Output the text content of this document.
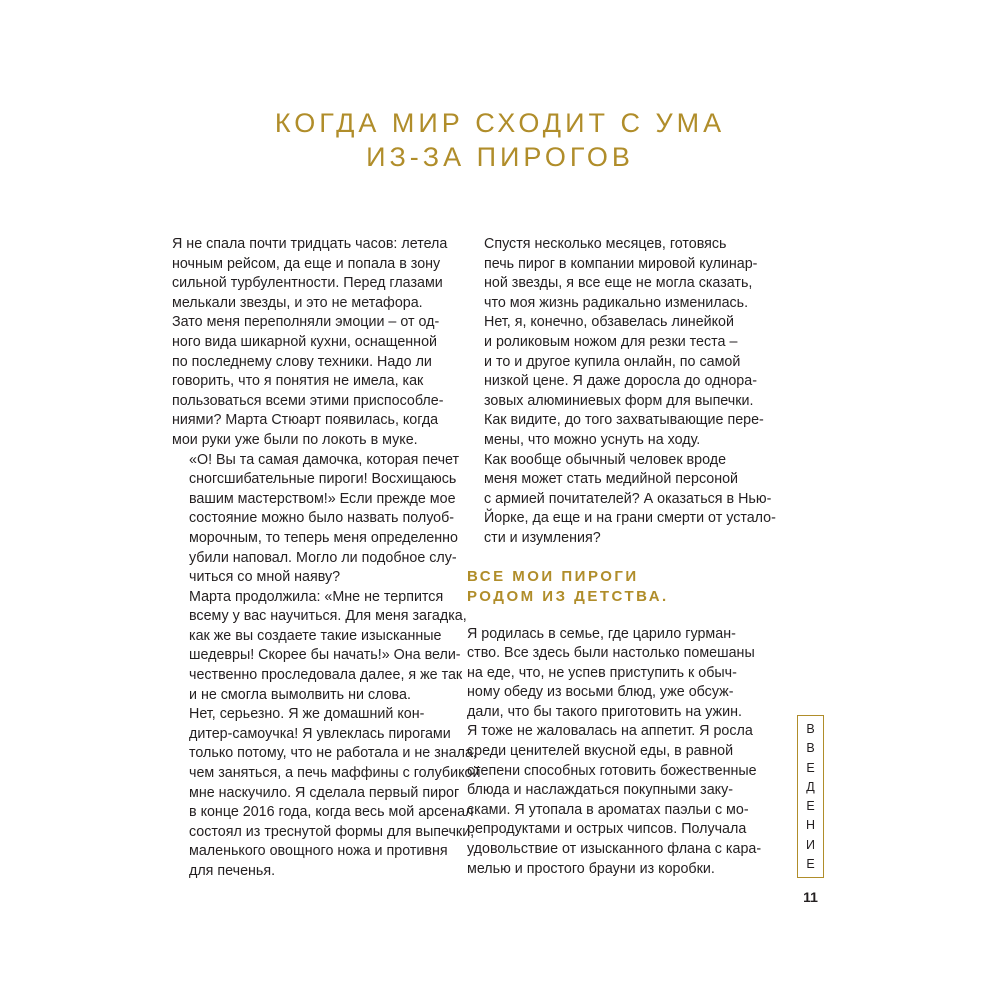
КОГДА МИР СХОДИТ С УМА
ИЗ-ЗА ПИРОГОВ

Я не спала почти тридцать часов: летела
ночным рейсом, да еще и попала в зону
сильной турбулентности. Перед глазами
мелькали звезды, и это не метафора.
Зато меня переполняли эмоции – от од-
ного вида шикарной кухни, оснащенной
по последнему слову техники. Надо ли
говорить, что я понятия не имела, как
пользоваться всеми этими приспособле-
ниями? Марта Стюарт появилась, когда
мои руки уже были по локоть в муке.

«О! Вы та самая дамочка, которая печет
сногсшибательные пироги! Восхищаюсь
вашим мастерством!» Если прежде мое
состояние можно было назвать полуоб-
морочным, то теперь меня определенно
убили наповал. Могло ли подобное слу-
читься со мной наяву?

Марта продолжила: «Мне не терпится
всему у вас научиться. Для меня загадка,
как же вы создаете такие изысканные
шедевры! Скорее бы начать!» Она вели-
чественно проследовала далее, я же так
и не смогла вымолвить ни слова.

Нет, серьезно. Я же домашний кон-
дитер-самоучка! Я увлеклась пирогами
только потому, что не работала и не знала,
чем заняться, а печь маффины с голубикой
мне наскучило. Я сделала первый пирог
в конце 2016 года, когда весь мой арсенал
состоял из треснутой формы для выпечки,
маленького овощного ножа и противня
для печенья.

Спустя несколько месяцев, готовясь
печь пирог в компании мировой кулинар-
ной звезды, я все еще не могла сказать,
что моя жизнь радикально изменилась.
Нет, я, конечно, обзавелась линейкой
и роликовым ножом для резки теста –
и то и другое купила онлайн, по самой
низкой цене. Я даже доросла до однора-
зовых алюминиевых форм для выпечки.
Как видите, до того захватывающие пере-
мены, что можно уснуть на ходу.

Как вообще обычный человек вроде
меня может стать медийной персоной
с армией почитателей? А оказаться в Нью-
Йорке, да еще и на грани смерти от устало-
сти и изумления?

ВСЕ МОИ ПИРОГИ
РОДОМ ИЗ ДЕТСТВА.

Я родилась в семье, где царило гурман-
ство. Все здесь были настолько помешаны
на еде, что, не успев приступить к обыч-
ному обеду из восьми блюд, уже обсуж-
дали, что бы такого приготовить на ужин.
Я тоже не жаловалась на аппетит. Я росла
среди ценителей вкусной еды, в равной
степени способных готовить божественные
блюда и наслаждаться покупными заку-
сками. Я утопала в ароматах паэльи с мо-
репродуктами и острых чипсов. Получала
удовольствие от изысканного флана с кара-
мелью и простого брауни из коробки.

В
В
Е
Д
Е
Н
И
Е
11
